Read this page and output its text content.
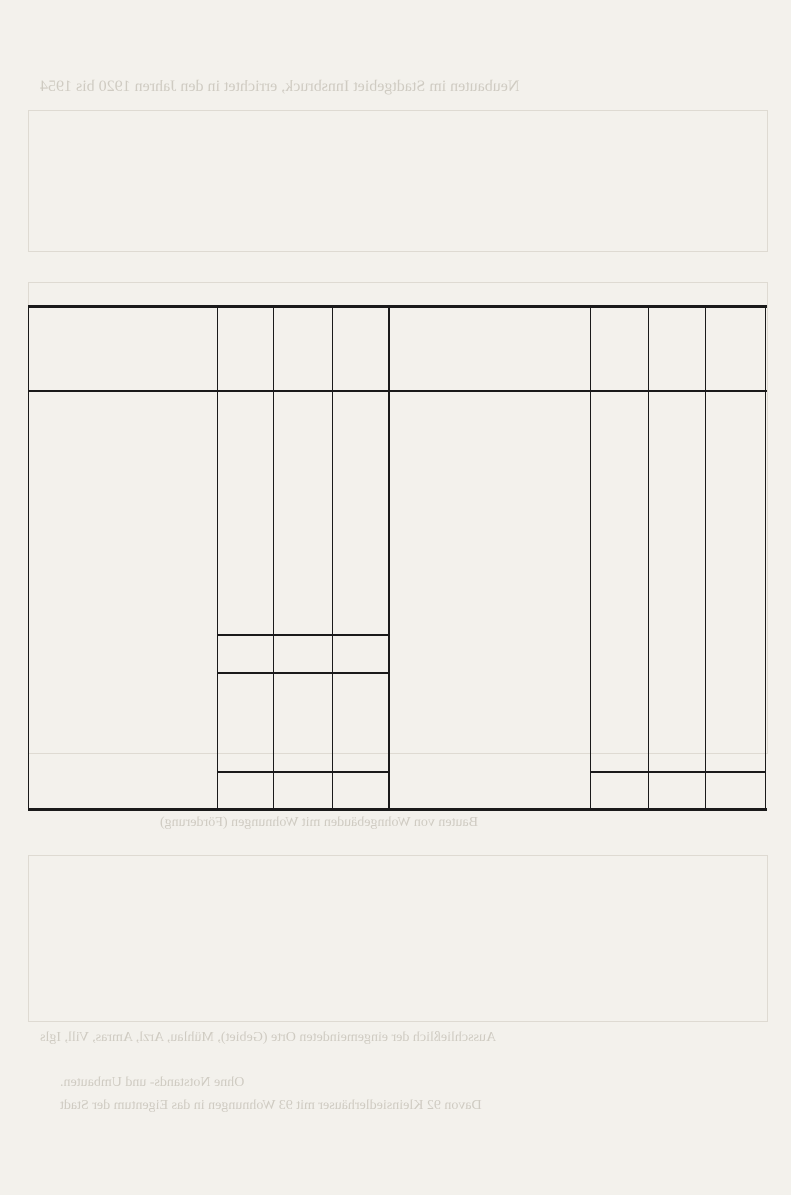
Neubauten im Stadtgebiet Innsbruck, errichtet in den Jahren 1920 bis 1954
Bauten von Wohngebäuden mit Wohnungen (Förderung)
Ausschließlich der eingemeindeten Orte (Gebiet), Mühlau, Arzl, Amras, Vill, Igls
Ohne Notstands- und Umbauten.
Davon 92 Kleinsiedlerhäuser mit 93 Wohnungen in das Eigentum der Stadt
